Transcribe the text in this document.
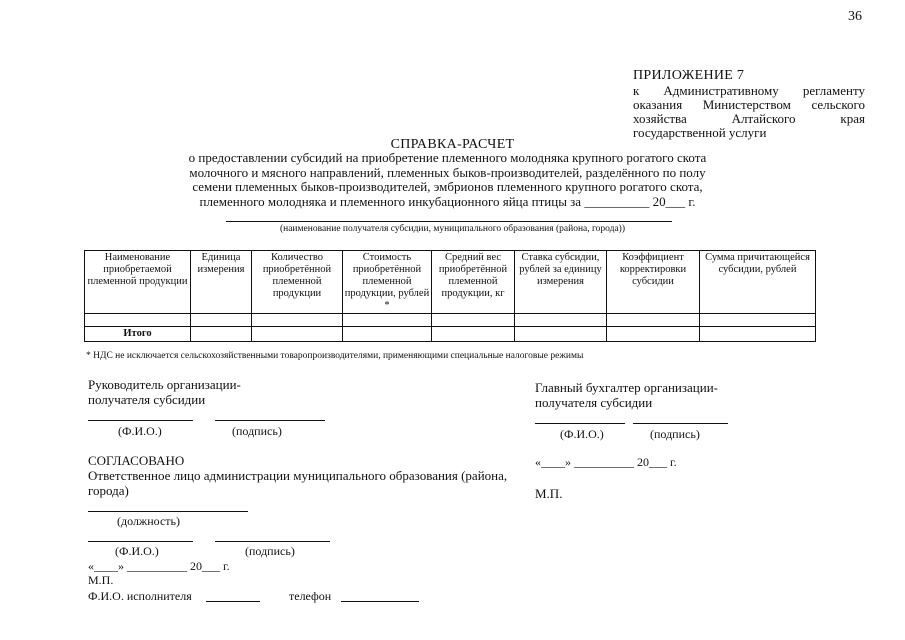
36
ПРИЛОЖЕНИЕ 7
к Административному регламенту
оказания Министерством сельского
хозяйства Алтайского края
государственной услуги
СПРАВКА-РАСЧЕТ
о предоставлении субсидий на приобретение племенного молодняка крупного рогатого скота
молочного и мясного направлений, племенных быков-производителей, разделённого по полу
семени племенных быков-производителей, эмбрионов племенного крупного рогатого скота,
племенного молодняка и племенного инкубационного яйца птицы за __________ 20___ г.
(наименование получателя субсидии, муниципального образования (района, города))
Наименование приобретаемой племенной продукции	Единица измерения	Количество приобретённой племенной продукции	Стоимость приобретённой племенной продукции, рублей *	Средний вес приобретённой племенной продукции, кг	Ставка субсидии, рублей за единицу измерения	Коэффициент корректировки субсидии	Сумма причитающейся субсидии, рублей

Итого							
* НДС не исключается сельскохозяйственными товаропроизводителями, применяющими специальные налоговые режимы
Руководитель организации-
получателя субсидии
(Ф.И.О.)	(подпись)
Главный бухгалтер организации-
получателя субсидии
(Ф.И.О.)	(подпись)
«____» __________ 20___ г.
М.П.
СОГЛАСОВАНО
Ответственное лицо администрации муниципального образования (района,
города)
(должность)
(Ф.И.О.)	(подпись)
«____» __________ 20___ г.
М.П.
Ф.И.О. исполнителя	телефон
